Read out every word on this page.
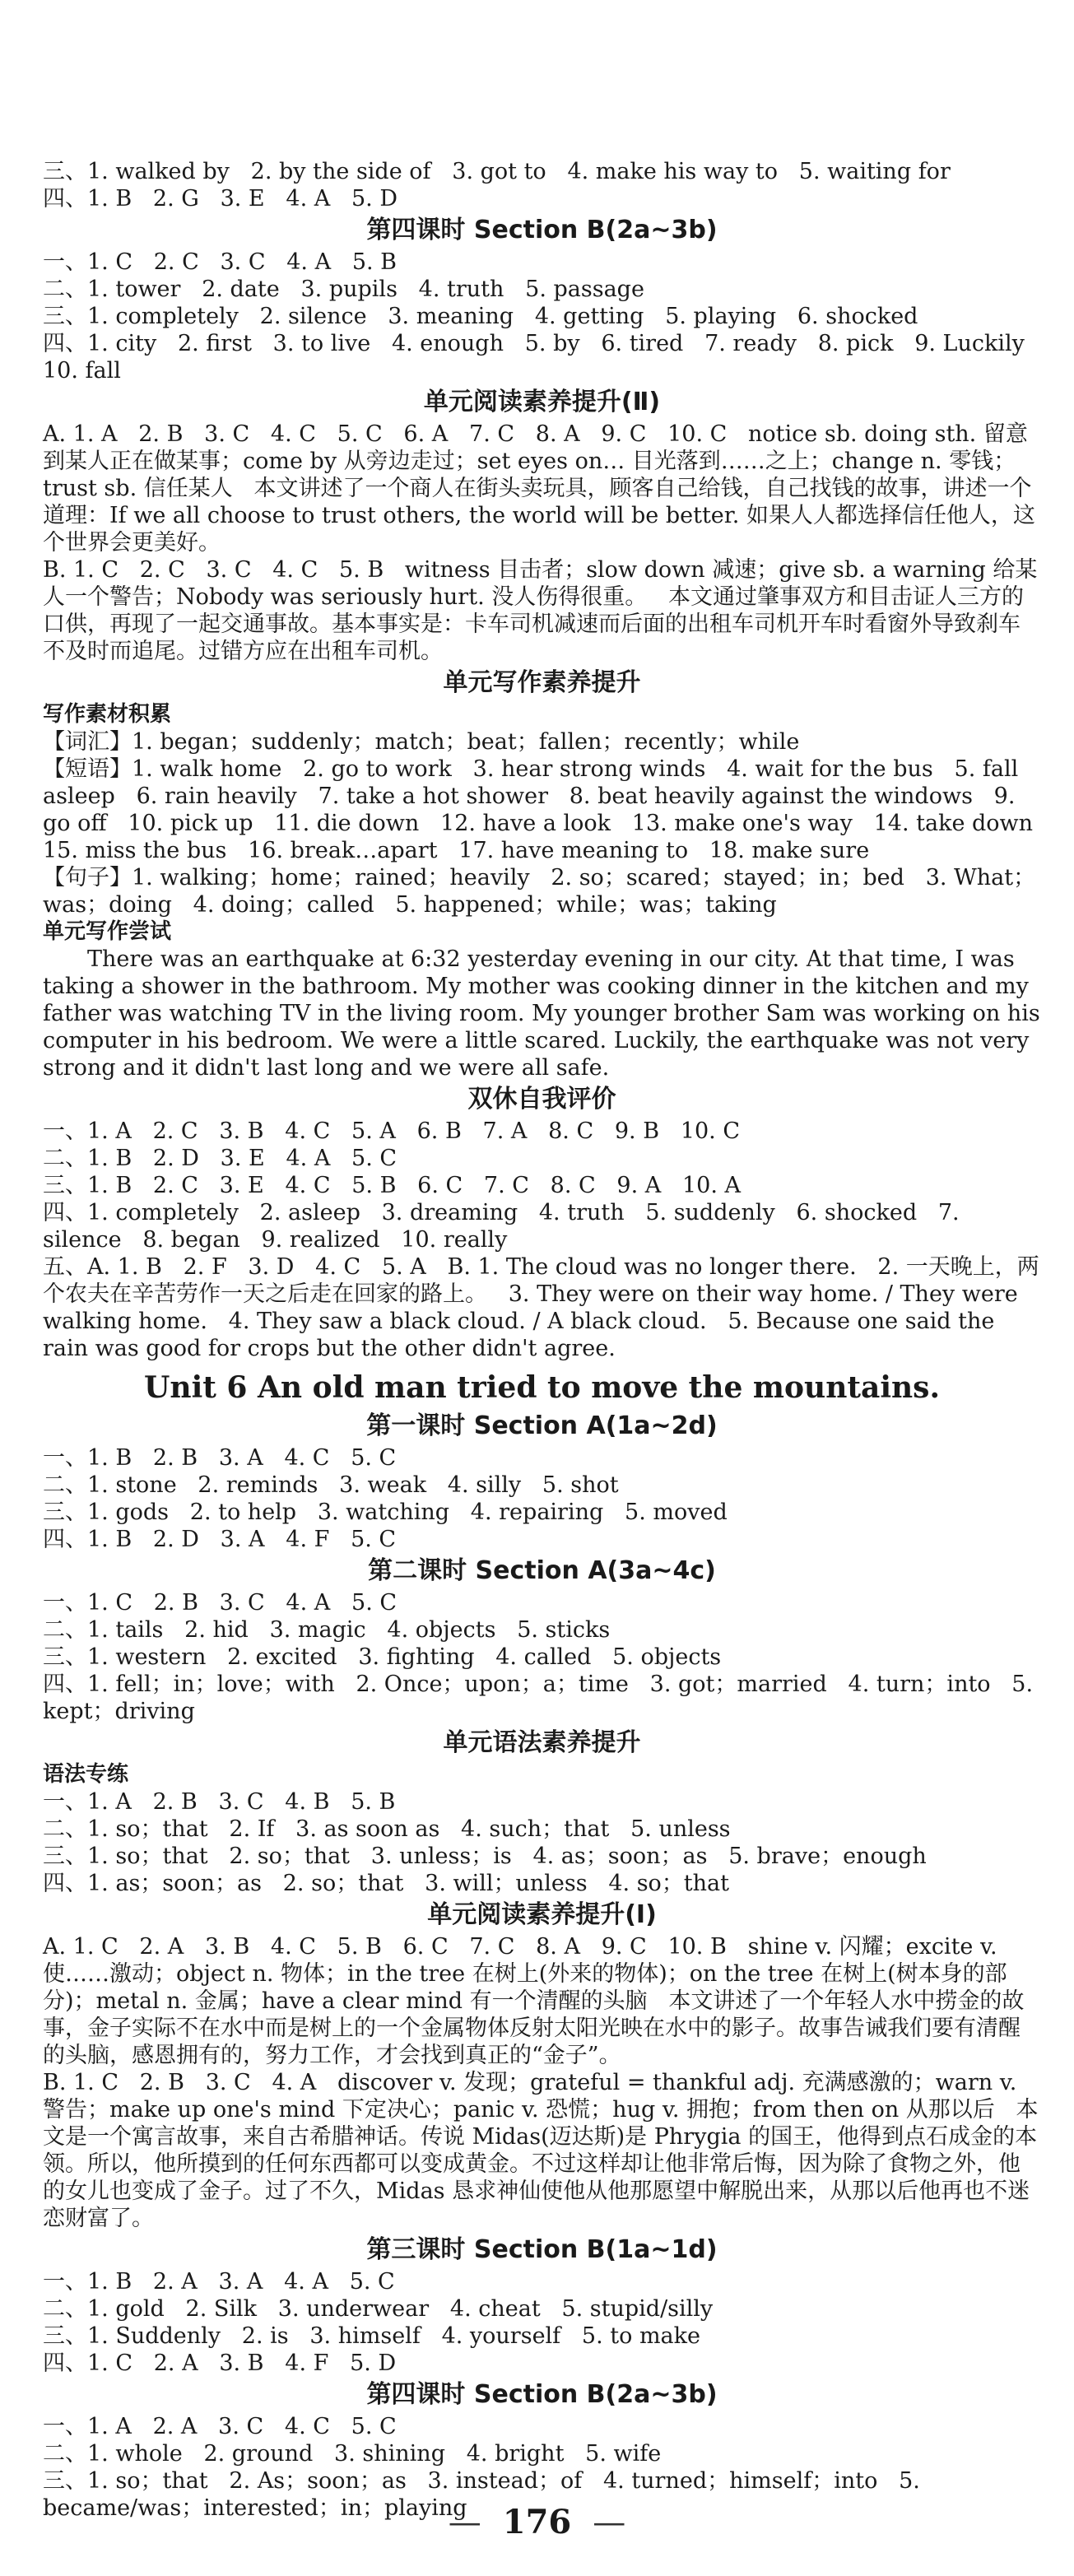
三、1. walked by   2. by the side of   3. got to   4. make his way to   5. waiting for
四、1. B   2. G   3. E   4. A   5. D
第四课时 Section B(2a~3b)
一、1. C   2. C   3. C   4. A   5. B
二、1. tower   2. date   3. pupils   4. truth   5. passage
三、1. completely   2. silence   3. meaning   4. getting   5. playing   6. shocked
四、1. city   2. first   3. to live   4. enough   5. by   6. tired   7. ready   8. pick   9. Luckily   10. fall
单元阅读素养提升(Ⅱ)
A. 1. A   2. B   3. C   4. C   5. C   6. A   7. C   8. A   9. C   10. C   notice sb. doing sth. 留意到某人正在做某事；come by 从旁边走过；set eyes on… 目光落到……之上；change n. 零钱；trust sb. 信任某人   本文讲述了一个商人在街头卖玩具，顾客自己给钱，自己找钱的故事，讲述一个道理：If we all choose to trust others, the world will be better. 如果人人都选择信任他人，这个世界会更美好。
B. 1. C   2. C   3. C   4. C   5. B   witness 目击者；slow down 减速；give sb. a warning 给某人一个警告；Nobody was seriously hurt. 没人伤得很重。   本文通过肇事双方和目击证人三方的口供，再现了一起交通事故。基本事实是：卡车司机减速而后面的出租车司机开车时看窗外导致刹车不及时而追尾。过错方应在出租车司机。
单元写作素养提升
写作素材积累
【词汇】1. began；suddenly；match；beat；fallen；recently；while
【短语】1. walk home   2. go to work   3. hear strong winds   4. wait for the bus   5. fall asleep   6. rain heavily   7. take a hot shower   8. beat heavily against the windows   9. go off   10. pick up   11. die down   12. have a look   13. make one's way   14. take down   15. miss the bus   16. break…apart   17. have meaning to   18. make sure
【句子】1. walking；home；rained；heavily   2. so；scared；stayed；in；bed   3. What；was；doing   4. doing；called   5. happened；while；was；taking
单元写作尝试
There was an earthquake at 6:32 yesterday evening in our city. At that time, I was taking a shower in the bathroom. My mother was cooking dinner in the kitchen and my father was watching TV in the living room. My younger brother Sam was working on his computer in his bedroom. We were a little scared. Luckily, the earthquake was not very strong and it didn't last long and we were all safe.
双休自我评价
一、1. A   2. C   3. B   4. C   5. A   6. B   7. A   8. C   9. B   10. C
二、1. B   2. D   3. E   4. A   5. C
三、1. B   2. C   3. E   4. C   5. B   6. C   7. C   8. C   9. A   10. A
四、1. completely   2. asleep   3. dreaming   4. truth   5. suddenly   6. shocked   7. silence   8. began   9. realized   10. really
五、A. 1. B   2. F   3. D   4. C   5. A   B. 1. The cloud was no longer there.   2. 一天晚上，两个农夫在辛苦劳作一天之后走在回家的路上。   3. They were on their way home. / They were walking home.   4. They saw a black cloud. / A black cloud.   5. Because one said the rain was good for crops but the other didn't agree.
Unit 6 An old man tried to move the mountains.
第一课时 Section A(1a~2d)
一、1. B   2. B   3. A   4. C   5. C
二、1. stone   2. reminds   3. weak   4. silly   5. shot
三、1. gods   2. to help   3. watching   4. repairing   5. moved
四、1. B   2. D   3. A   4. F   5. C
第二课时 Section A(3a~4c)
一、1. C   2. B   3. C   4. A   5. C
二、1. tails   2. hid   3. magic   4. objects   5. sticks
三、1. western   2. excited   3. fighting   4. called   5. objects
四、1. fell；in；love；with   2. Once；upon；a；time   3. got；married   4. turn；into   5. kept；driving
单元语法素养提升
语法专练
一、1. A   2. B   3. C   4. B   5. B
二、1. so；that   2. If   3. as soon as   4. such；that   5. unless
三、1. so；that   2. so；that   3. unless；is   4. as；soon；as   5. brave；enough
四、1. as；soon；as   2. so；that   3. will；unless   4. so；that
单元阅读素养提升(Ⅰ)
A. 1. C   2. A   3. B   4. C   5. B   6. C   7. C   8. A   9. C   10. B   shine v. 闪耀；excite v. 使……激动；object n. 物体；in the tree 在树上(外来的物体)；on the tree 在树上(树本身的部分)；metal n. 金属；have a clear mind 有一个清醒的头脑   本文讲述了一个年轻人水中捞金的故事，金子实际不在水中而是树上的一个金属物体反射太阳光映在水中的影子。故事告诫我们要有清醒的头脑，感恩拥有的，努力工作，才会找到真正的“金子”。
B. 1. C   2. B   3. C   4. A   discover v. 发现；grateful = thankful adj. 充满感激的；warn v. 警告；make up one's mind 下定决心；panic v. 恐慌；hug v. 拥抱；from then on 从那以后   本文是一个寓言故事，来自古希腊神话。传说 Midas(迈达斯)是 Phrygia 的国王，他得到点石成金的本领。所以，他所摸到的任何东西都可以变成黄金。不过这样却让他非常后悔，因为除了食物之外，他的女儿也变成了金子。过了不久，Midas 恳求神仙使他从他那愿望中解脱出来，从那以后他再也不迷恋财富了。
第三课时 Section B(1a~1d)
一、1. B   2. A   3. A   4. A   5. C
二、1. gold   2. Silk   3. underwear   4. cheat   5. stupid/silly
三、1. Suddenly   2. is   3. himself   4. yourself   5. to make
四、1. C   2. A   3. B   4. F   5. D
第四课时 Section B(2a~3b)
一、1. A   2. A   3. C   4. C   5. C
二、1. whole   2. ground   3. shining   4. bright   5. wife
三、1. so；that   2. As；soon；as   3. instead；of   4. turned；himself；into   5. became/was；interested；in；playing
— 176 —
